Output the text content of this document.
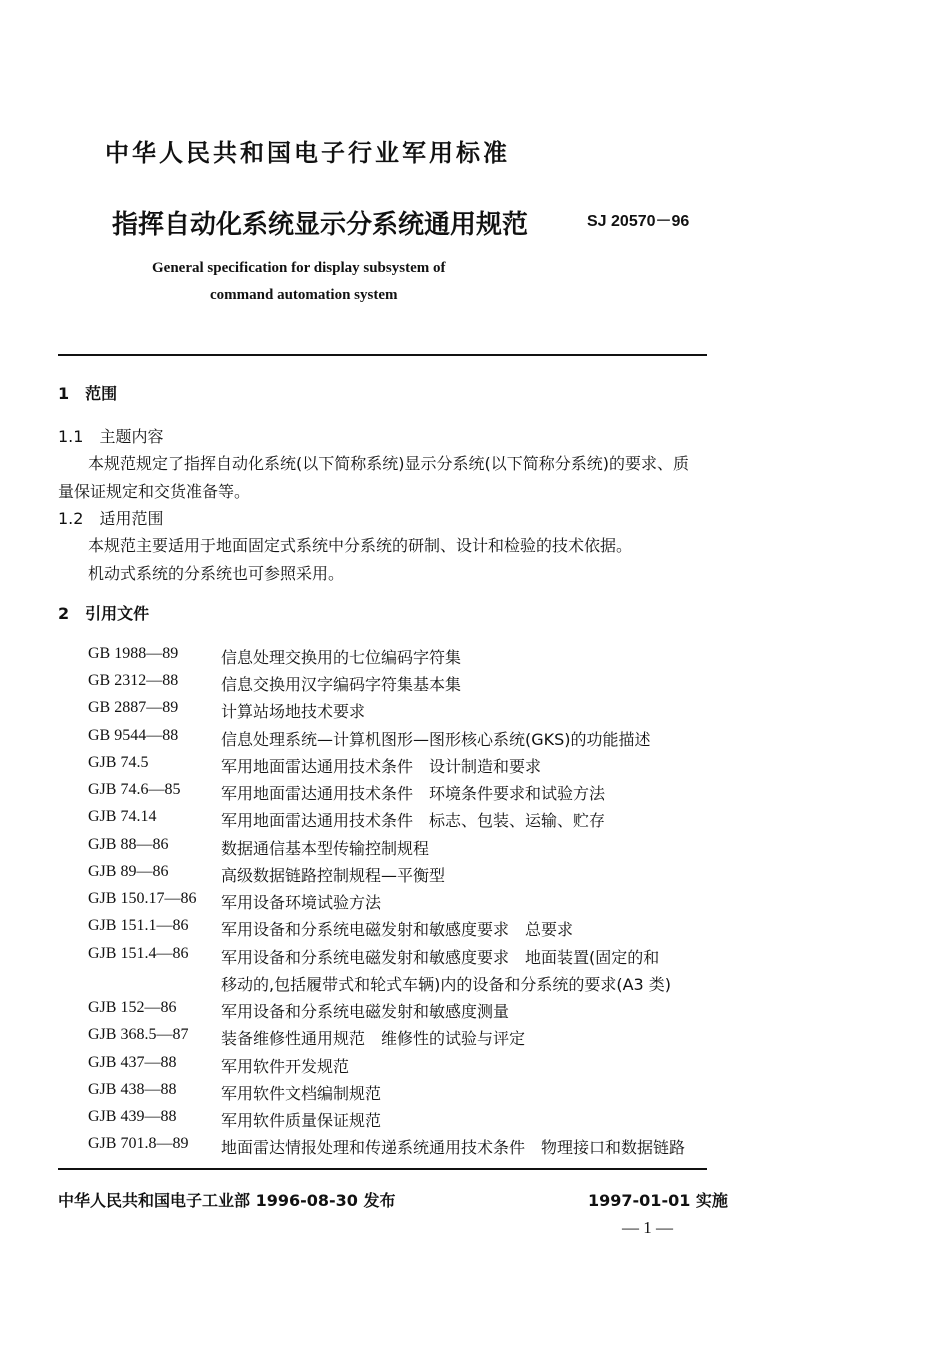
中华人民共和国电子行业军用标准
指挥自动化系统显示分系统通用规范	SJ 20570－96
General specification for display subsystem of
command automation system
1　范围
1.1　主题内容
本规范规定了指挥自动化系统(以下简称系统)显示分系统(以下简称分系统)的要求、质
量保证规定和交货准备等。
1.2　适用范围
本规范主要适用于地面固定式系统中分系统的研制、设计和检验的技术依据。
机动式系统的分系统也可参照采用。
2　引用文件
GB 1988—89	信息处理交换用的七位编码字符集
GB 2312—88	信息交换用汉字编码字符集基本集
GB 2887—89	计算站场地技术要求
GB 9544—88	信息处理系统—计算机图形—图形核心系统(GKS)的功能描述
GJB 74.5	军用地面雷达通用技术条件　设计制造和要求
GJB 74.6—85	军用地面雷达通用技术条件　环境条件要求和试验方法
GJB 74.14	军用地面雷达通用技术条件　标志、包装、运输、贮存
GJB 88—86	数据通信基本型传输控制规程
GJB 89—86	高级数据链路控制规程—平衡型
GJB 150.17—86 军用设备环境试验方法
GJB 151.1—86 军用设备和分系统电磁发射和敏感度要求　总要求
GJB 151.4—86 军用设备和分系统电磁发射和敏感度要求　地面装置(固定的和
移动的,包括履带式和轮式车辆)内的设备和分系统的要求(A3 类)
GJB 152—86	军用设备和分系统电磁发射和敏感度测量
GJB 368.5—87 装备维修性通用规范　维修性的试验与评定
GJB 437—88	军用软件开发规范
GJB 438—88	军用软件文档编制规范
GJB 439—88	军用软件质量保证规范
GJB 701.8—89 地面雷达情报处理和传递系统通用技术条件　物理接口和数据链路
中华人民共和国电子工业部 1996-08-30 发布	1997-01-01 实施
— 1 —
